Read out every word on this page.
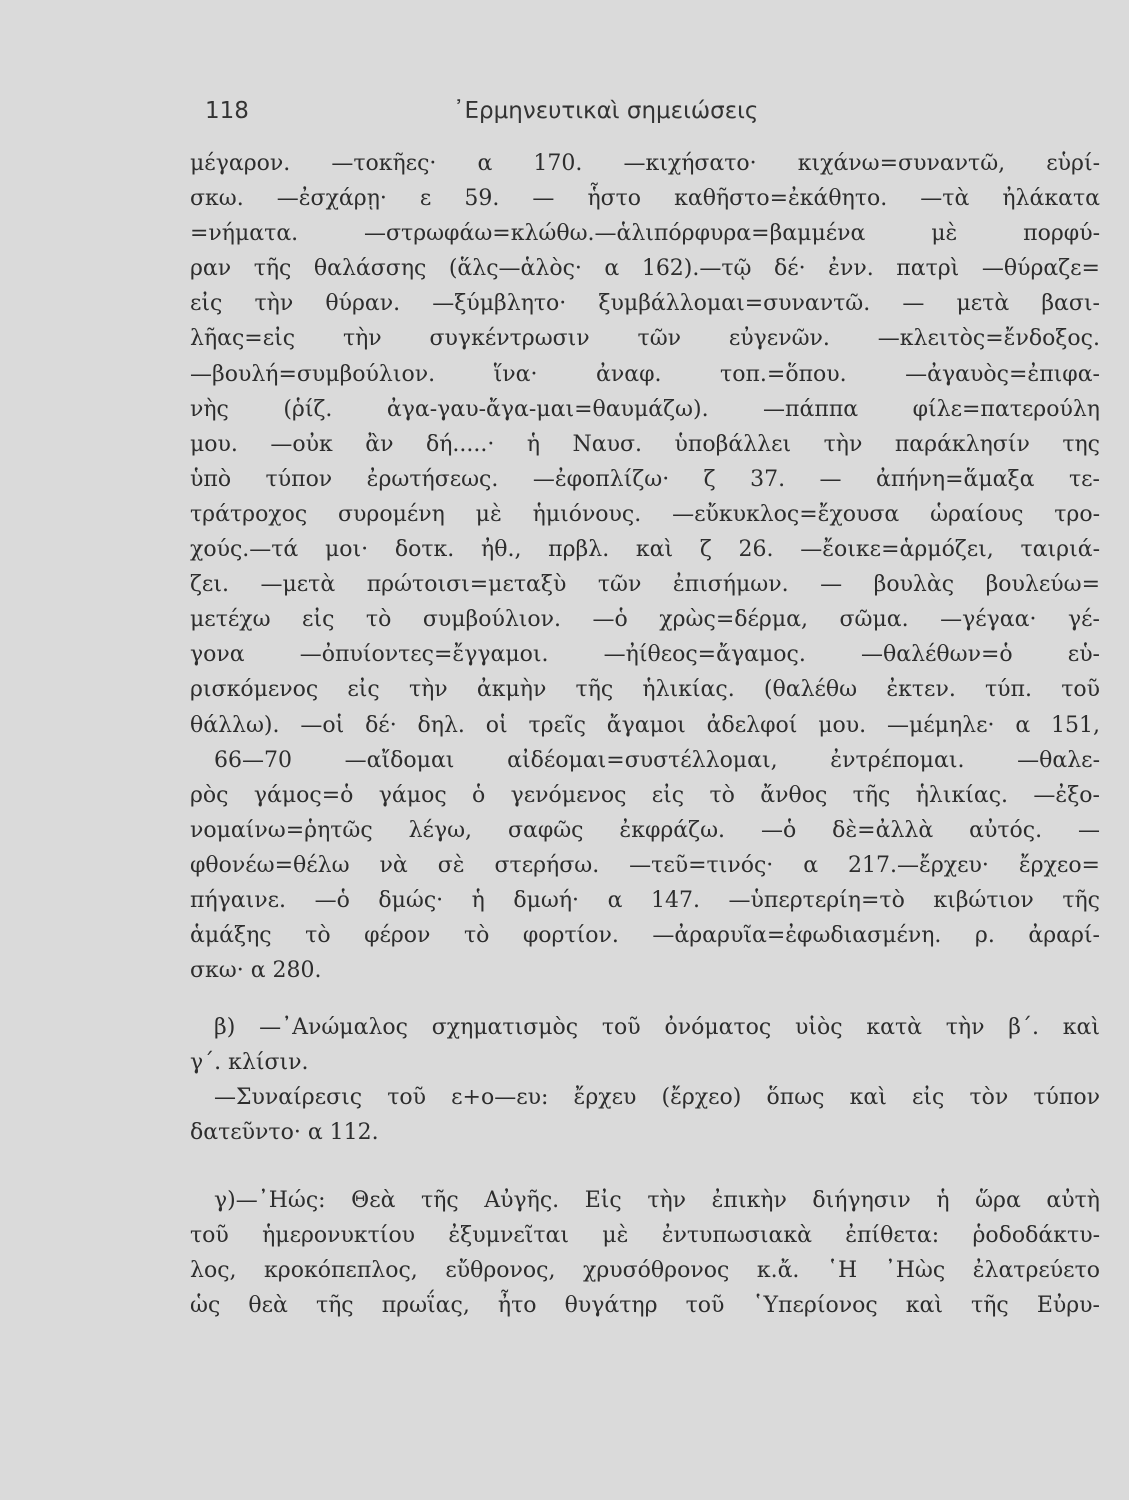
118	᾿Ερμηνευτικαὶ σημειώσεις
μέγαρον. —τοκῆες· α 170. —κιχήσατο· κιχάνω=συναντῶ, εὑρί-
σκω. —ἐσχάρῃ· ε 59. — ἧστο καθῆστο=ἐκάθητο. —τὰ ἠλάκατα
=νήματα. —στρωφάω=κλώθω.—ἁλιπόρφυρα=βαμμένα μὲ πορφύ-
ραν τῆς θαλάσσης (ἅλς—ἁλὸς· α 162).—τῷ δέ· ἐνν. πατρὶ —θύραζε=
εἰς τὴν θύραν. —ξύμβλητο· ξυμβάλλομαι=συναντῶ. — μετὰ βασι-
λῆας=εἰς τὴν συγκέντρωσιν τῶν εὐγενῶν. —κλειτὸς=ἔνδοξος.
—βουλή=συμβούλιον. ἵνα· ἀναφ. τοπ.=ὅπου. —ἀγαυὸς=ἐπιφα-
νὴς (ῥίζ. ἀγα-γαυ-ἄγα-μαι=θαυμάζω). —πάππα φίλε=πατερούλη
μου. —οὐκ ἂν δή.....· ἡ Ναυσ. ὑποβάλλει τὴν παράκλησίν της
ὑπὸ τύπον ἐρωτήσεως. —ἐφοπλίζω· ζ 37. — ἀπήνη=ἅμαξα τε-
τράτροχος συρομένη μὲ ἡμιόνους. —εὔκυκλος=ἔχουσα ὡραίους τρο-
χούς.—τά μοι· δοτκ. ἠθ., πρβλ. καὶ ζ 26. —ἔοικε=ἁρμόζει, ταιριά-
ζει. —μετὰ πρώτοισι=μεταξὺ τῶν ἐπισήμων. — βουλὰς βουλεύω=
μετέχω εἰς τὸ συμβούλιον. —ὁ χρὼς=δέρμα, σῶμα. —γέγαα· γέ-
γονα —ὀπυίοντες=ἔγγαμοι. —ἠίθεος=ἄγαμος. —θαλέθων=ὁ εὑ-
ρισκόμενος εἰς τὴν ἀκμὴν τῆς ἡλικίας. (θαλέθω ἐκτεν. τύπ. τοῦ
θάλλω). —οἱ δέ· δηλ. οἱ τρεῖς ἄγαμοι ἀδελφοί μου. —μέμηλε· α 151,
66—70 —αἴδομαι αἰδέομαι=συστέλλομαι, ἐντρέπομαι. —θαλε-
ρὸς γάμος=ὁ γάμος ὁ γενόμενος εἰς τὸ ἄνθος τῆς ἡλικίας. —ἐξο-
νομαίνω=ῥητῶς λέγω, σαφῶς ἐκφράζω. —ὁ δὲ=ἀλλὰ αὐτός. —
φθονέω=θέλω νὰ σὲ στερήσω. —τεῦ=τινός· α 217.—ἔρχευ· ἔρχεο=
πήγαινε. —ὁ δμώς· ἡ δμωή· α 147. —ὑπερτερίη=τὸ κιβώτιον τῆς
ἁμάξης τὸ φέρον τὸ φορτίον. —ἀραρυῖα=ἐφωδιασμένη. ρ. ἀραρί-
σκω· α 280.
β) —᾿Ανώμαλος σχηματισμὸς τοῦ ὀνόματος υἱὸς κατὰ τὴν β΄. καὶ
γ΄. κλίσιν.
—Συναίρεσις τοῦ ε+ο—ευ: ἔρχευ (ἔρχεο) ὅπως καὶ εἰς τὸν τύπον
δατεῦντο· α 112.
γ)—᾿Ηώς: Θεὰ τῆς Αὐγῆς. Εἰς τὴν ἐπικὴν διήγησιν ἡ ὥρα αὐτὴ
τοῦ ἡμερονυκτίου ἐξυμνεῖται μὲ ἐντυπωσιακὰ ἐπίθετα: ῥοδοδάκτυ-
λος, κροκόπεπλος, εὔθρονος, χρυσόθρονος κ.ἄ. ῾Η ᾿Ηὼς ἐλατρεύετο
ὡς θεὰ τῆς πρωΐας, ἦτο θυγάτηρ τοῦ ῾Υπερίονος καὶ τῆς Εὐρυ-
